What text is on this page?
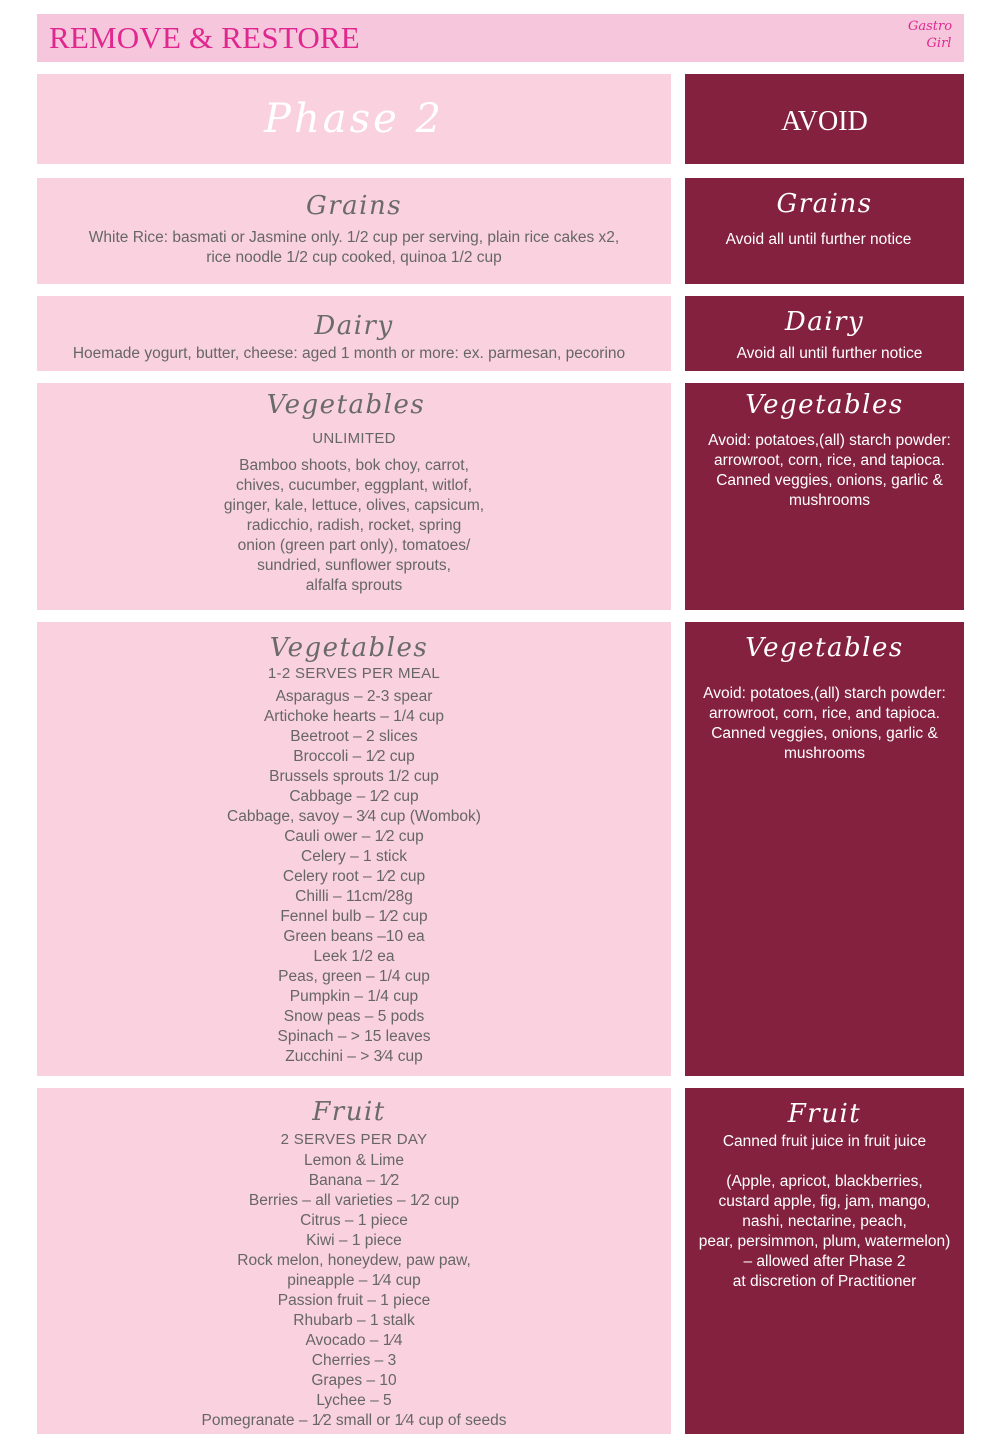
REMOVE & RESTORE	Gastro
Girl
Phase 2	AVOID
Grains
White Rice: basmati or Jasmine only. 1/2 cup per serving, plain rice cakes x2,
rice noodle 1/2 cup cooked, quinoa 1/2 cup
Grains
Avoid all until further notice
Dairy
Hoemade yogurt, butter, cheese: aged 1 month or more: ex. parmesan, pecorino
Dairy
Avoid all until further notice
Vegetables
UNLIMITED
Bamboo shoots, bok choy, carrot,
chives, cucumber, eggplant, witlof,
ginger, kale, lettuce, olives, capsicum,
radicchio, radish, rocket, spring
onion (green part only), tomatoes/
sundried, sunflower sprouts,
alfalfa sprouts
Vegetables
Avoid: potatoes,(all) starch powder:
arrowroot, corn, rice, and tapioca.
Canned veggies, onions, garlic &
mushrooms
Vegetables
1-2 SERVES PER MEAL
Asparagus – 2-3 spear
Artichoke hearts – 1/4 cup
Beetroot – 2 slices
Broccoli – 1⁄2 cup
Brussels sprouts 1/2 cup
Cabbage – 1⁄2 cup
Cabbage, savoy – 3⁄4 cup (Wombok)
Cauli ower – 1⁄2 cup
Celery – 1 stick
Celery root – 1⁄2 cup
Chilli – 11cm/28g
Fennel bulb – 1⁄2 cup
Green beans –10 ea
Leek 1/2 ea
Peas, green – 1/4 cup
Pumpkin – 1/4 cup
Snow peas – 5 pods
Spinach – > 15 leaves
Zucchini – > 3⁄4 cup
Vegetables
Avoid: potatoes,(all) starch powder:
arrowroot, corn, rice, and tapioca.
Canned veggies, onions, garlic &
mushrooms
Fruit
2 SERVES PER DAY
Lemon & Lime
Banana – 1⁄2
Berries – all varieties – 1⁄2 cup
Citrus – 1 piece
Kiwi – 1 piece
Rock melon, honeydew, paw paw,
pineapple – 1⁄4 cup
Passion fruit – 1 piece
Rhubarb – 1 stalk
Avocado – 1⁄4
Cherries – 3
Grapes – 10
Lychee – 5
Pomegranate – 1⁄2 small or 1⁄4 cup of seeds
Fruit
Canned fruit juice in fruit juice
(Apple, apricot, blackberries,
custard apple, fig, jam, mango,
nashi, nectarine, peach,
pear, persimmon, plum, watermelon)
– allowed after Phase 2
at discretion of Practitioner
